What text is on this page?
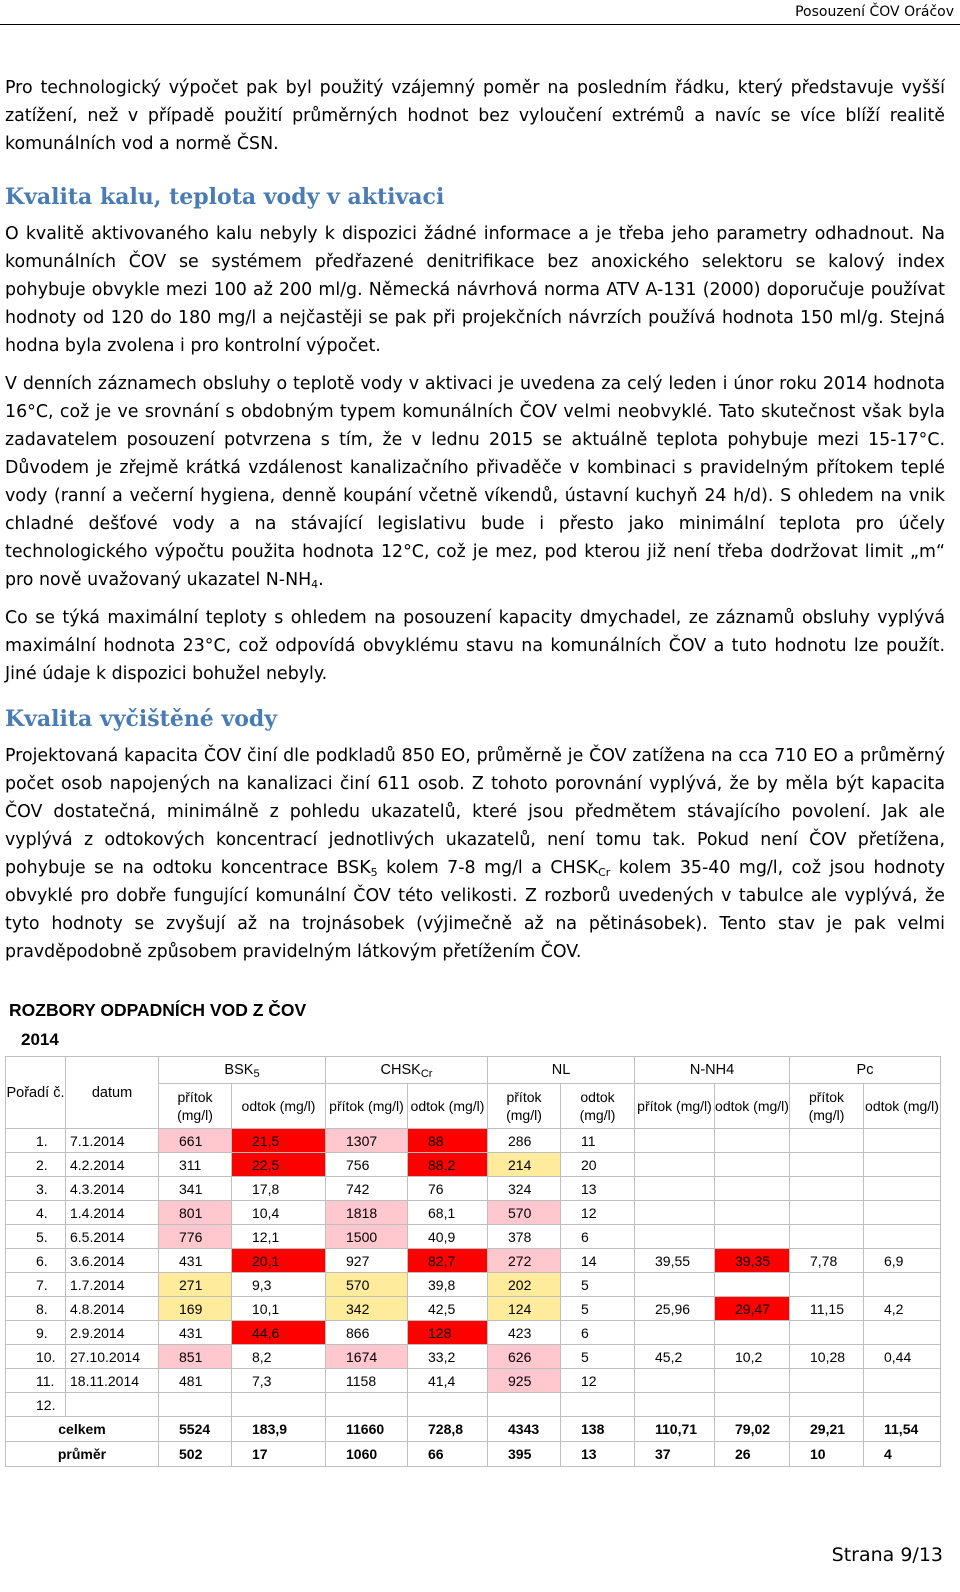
Posouzení ČOV Oráčov

Pro technologický výpočet pak byl použitý vzájemný poměr na posledním řádku, který představuje vyšší zatížení, než v případě použití průměrných hodnot bez vyloučení extrémů a navíc se více blíží realitě komunálních vod a normě ČSN.

Kvalita kalu, teplota vody v aktivaci

O kvalitě aktivovaného kalu nebyly k dispozici žádné informace a je třeba jeho parametry odhadnout. Na komunálních ČOV se systémem předřazené denitrifikace bez anoxického selektoru se kalový index pohybuje obvykle mezi 100 až 200 ml/g. Německá návrhová norma ATV A-131 (2000) doporučuje používat hodnoty od 120 do 180 mg/l a nejčastěji se pak při projekčních návrzích používá hodnota 150 ml/g. Stejná hodna byla zvolena i pro kontrolní výpočet.

V denních záznamech obsluhy o teplotě vody v aktivaci je uvedena za celý leden i únor roku 2014 hodnota 16°C, což je ve srovnání s obdobným typem komunálních ČOV velmi neobvyklé. Tato skutečnost však byla zadavatelem posouzení potvrzena s tím, že v lednu 2015 se aktuálně teplota pohybuje mezi 15-17°C. Důvodem je zřejmě krátká vzdálenost kanalizačního přivaděče v kombinaci s pravidelným přítokem teplé vody (ranní a večerní hygiena, denně koupání včetně víkendů, ústavní kuchyň 24 h/d). S ohledem na vnik chladné dešťové vody a na stávající legislativu bude i přesto jako minimální teplota pro účely technologického výpočtu použita hodnota 12°C, což je mez, pod kterou již není třeba dodržovat limit „m“ pro nově uvažovaný ukazatel $N-NH_4$.

Co se týká maximální teploty s ohledem na posouzení kapacity dmychadel, ze záznamů obsluhy vyplývá maximální hodnota 23°C, což odpovídá obvyklému stavu na komunálních ČOV a tuto hodnotu lze použít. Jiné údaje k dispozici bohužel nebyly.

Kvalita vyčištěné vody

Projektovaná kapacita ČOV činí dle podkladů 850 EO, průměrně je ČOV zatížena na cca 710 EO a průměrný počet osob napojených na kanalizaci činí 611 osob. Z tohoto porovnání vyplývá, že by měla být kapacita ČOV dostatečná, minimálně z pohledu ukazatelů, které jsou předmětem stávajícího povolení. Jak ale vyplývá z odtokových koncentrací jednotlivých ukazatelů, není tomu tak. Pokud není ČOV přetížena, pohybuje se na odtoku koncentrace $BSK_5$ kolem 7-8 mg/l a $CHSK_{Cr}$ kolem 35-40 mg/l, což jsou hodnoty obvyklé pro dobře fungující komunální ČOV této velikosti. Z rozborů uvedených v tabulce ale vyplývá, že tyto hodnoty se zvyšují až na trojnásobek (výjimečně až na pětinásobek). Tento stav je pak velmi pravděpodobně způsobem pravidelným látkovým přetížením ČOV.

ROZBORY ODPADNÍCH VOD Z ČOV
2014
Pořadí č.	datum	$BSK_5$		$CHSK_{Cr}$		NL		N-NH4		Pc	
		přítok (mg/l)	odtok (mg/l)	přítok (mg/l)	odtok (mg/l)	přítok (mg/l)	odtok (mg/l)	přítok (mg/l)	odtok (mg/l)	přítok (mg/l)	odtok (mg/l)
1.	7.1.2014	661	21,5	1307	88	286	11				
2.	4.2.2014	311	22,5	756	88,2	214	20				
3.	4.3.2014	341	17,8	742	76	324	13				
4.	1.4.2014	801	10,4	1818	68,1	570	12				
5.	6.5.2014	776	12,1	1500	40,9	378	6				
6.	3.6.2014	431	20,1	927	82,7	272	14	39,55	39,35	7,78	6,9
7.	1.7.2014	271	9,3	570	39,8	202	5				
8.	4.8.2014	169	10,1	342	42,5	124	5	25,96	29,47	11,15	4,2
9.	2.9.2014	431	44,6	866	128	423	6				
10.	27.10.2014	851	8,2	1674	33,2	626	5	45,2	10,2	10,28	0,44
11.	18.11.2014	481	7,3	1158	41,4	925	12				
12.											
celkem		5524	183,9	11660	728,8	4343	138	110,71	79,02	29,21	11,54
průměr		502	17	1060	66	395	13	37	26	10	4
Strana 9/13
